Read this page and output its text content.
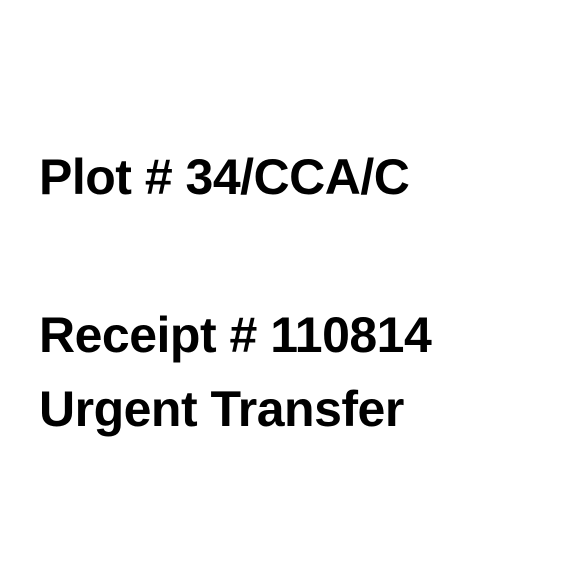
Plot # 34/CCA/C

Receipt # 110814

Urgent Transfer
